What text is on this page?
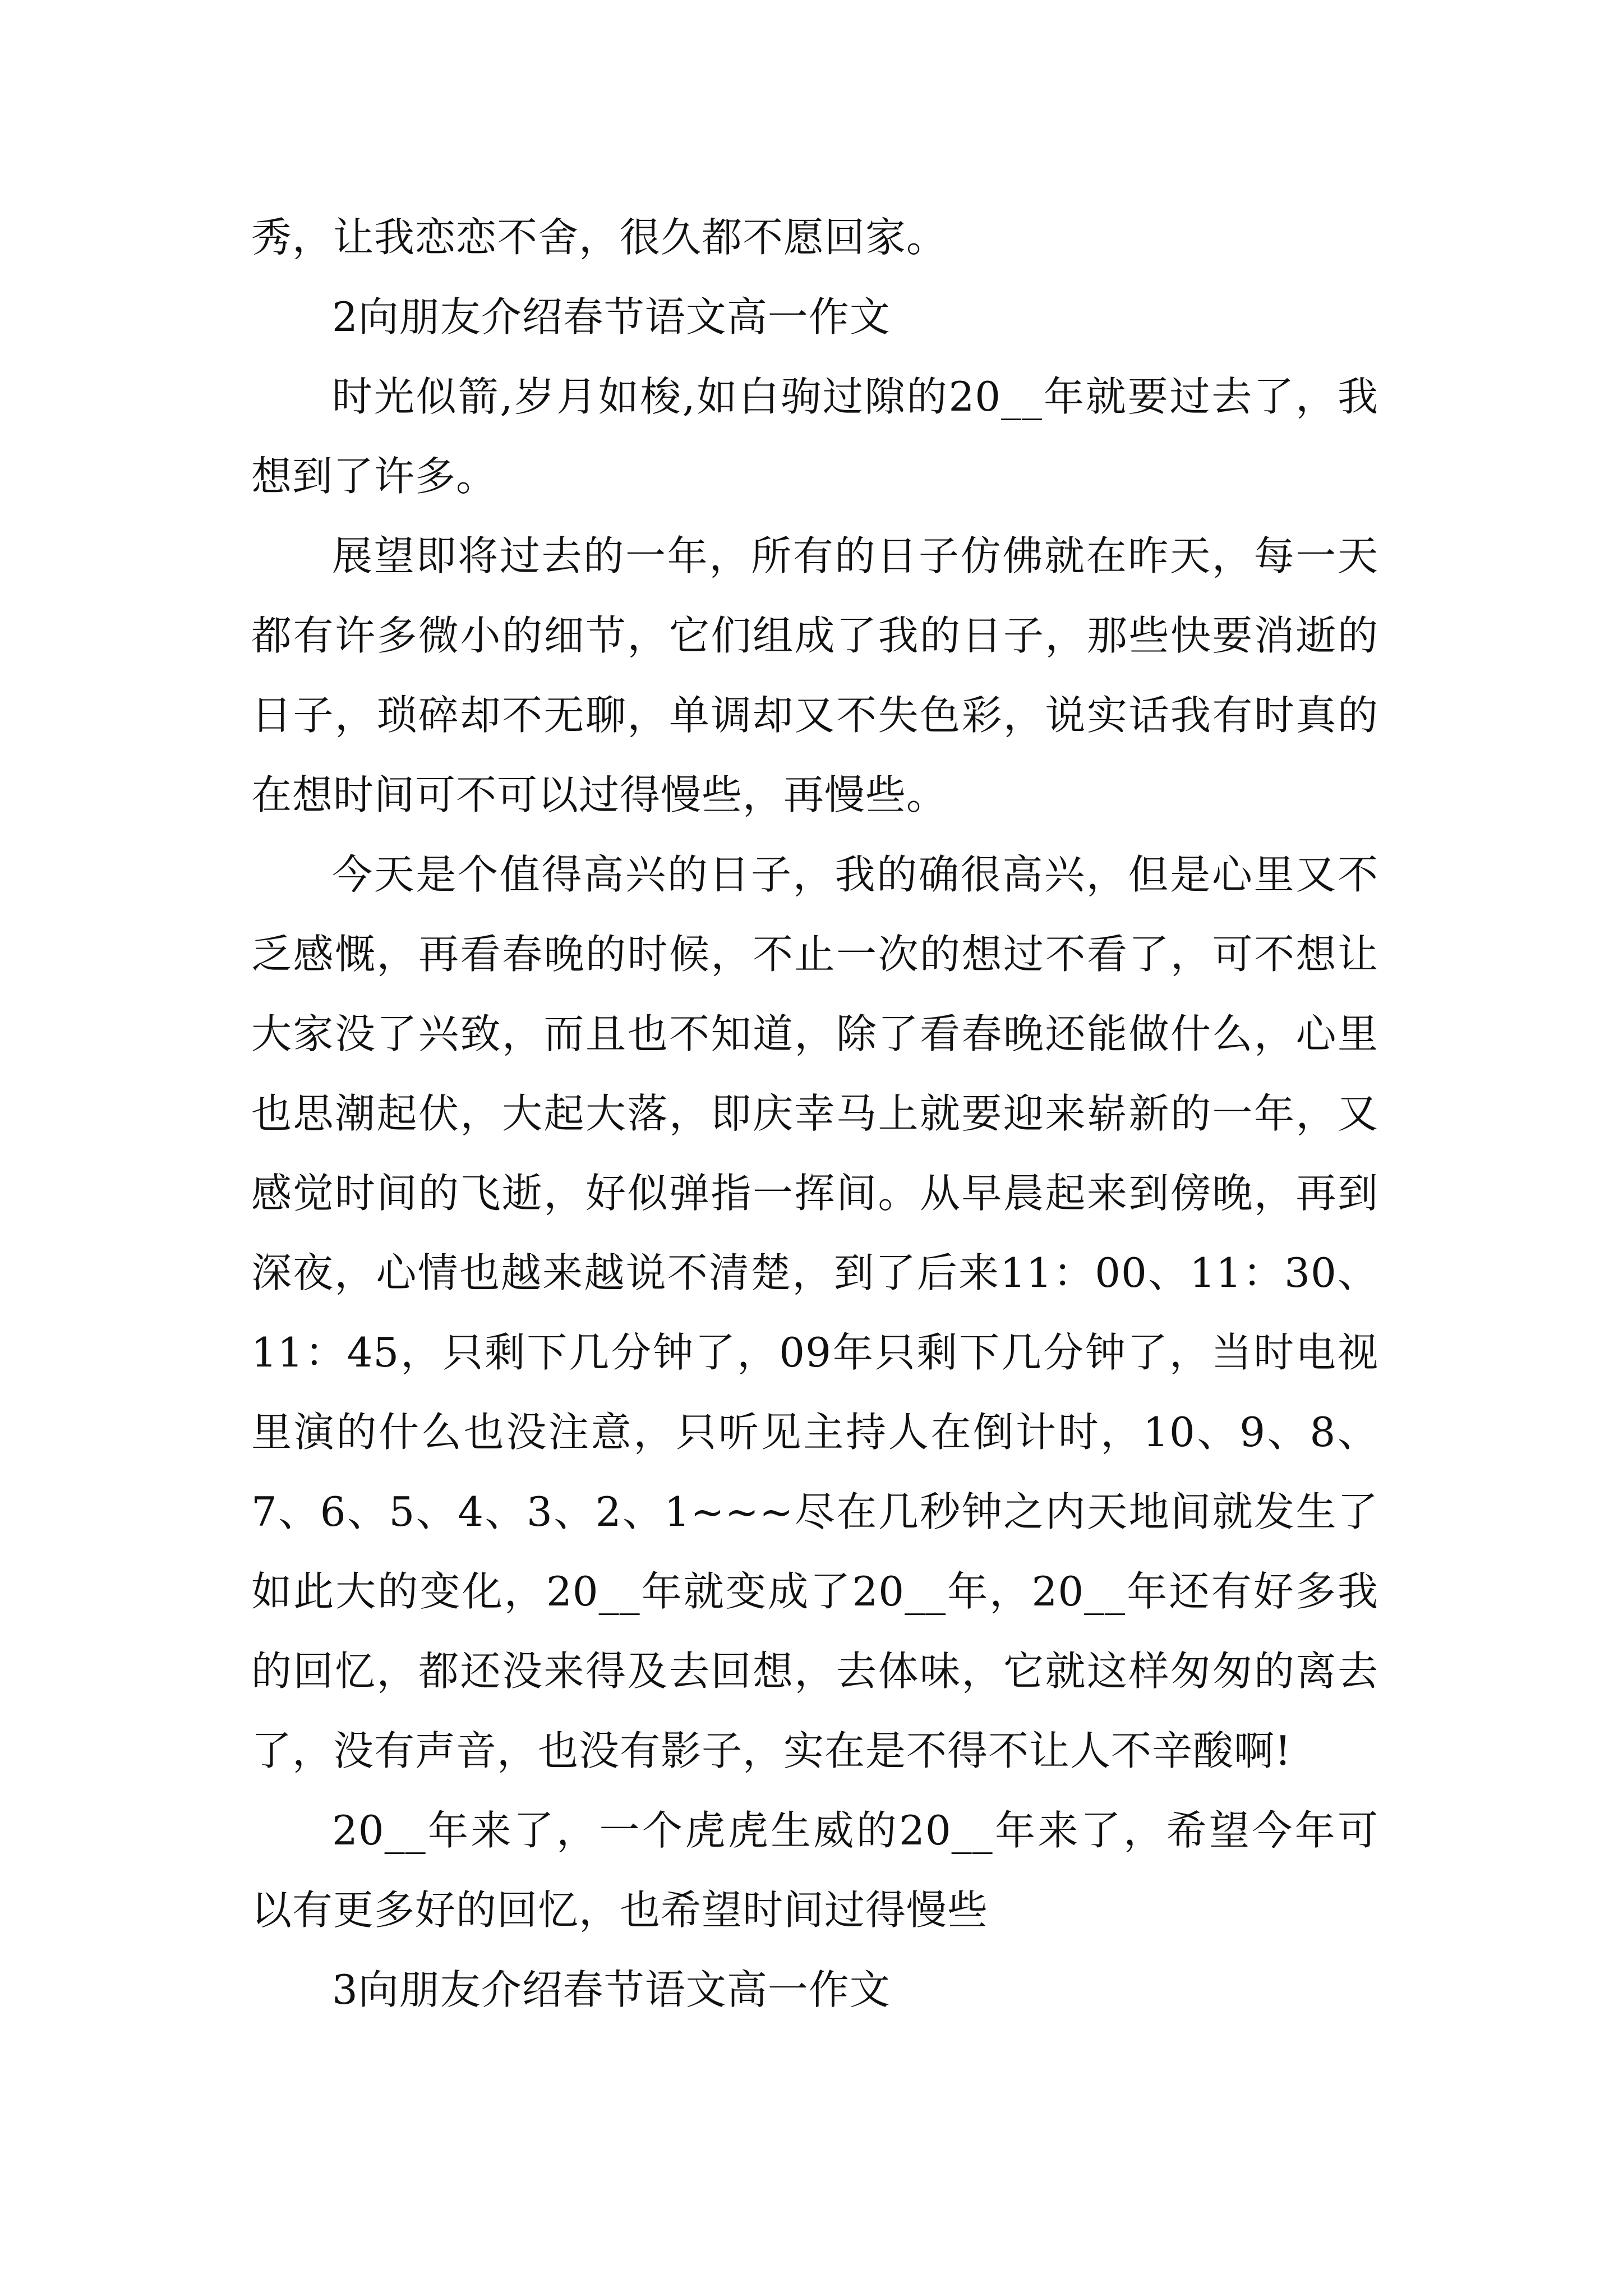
秀，让我恋恋不舍，很久都不愿回家。

2向朋友介绍春节语文高一作文

时光似箭,岁月如梭,如白驹过隙的20__年就要过去了，我想到了许多。

展望即将过去的一年，所有的日子仿佛就在昨天，每一天都有许多微小的细节，它们组成了我的日子，那些快要消逝的日子，琐碎却不无聊，单调却又不失色彩，说实话我有时真的在想时间可不可以过得慢些，再慢些。

今天是个值得高兴的日子，我的确很高兴，但是心里又不乏感慨，再看春晚的时候，不止一次的想过不看了，可不想让大家没了兴致，而且也不知道，除了看春晚还能做什么，心里也思潮起伏，大起大落，即庆幸马上就要迎来崭新的一年，又感觉时间的飞逝，好似弹指一挥间。从早晨起来到傍晚，再到深夜，心情也越来越说不清楚，到了后来11：00、11：30、11：45，只剩下几分钟了，09年只剩下几分钟了，当时电视里演的什么也没注意，只听见主持人在倒计时，10、9、8、7、6、5、4、3、2、1~~~尽在几秒钟之内天地间就发生了如此大的变化，20__年就变成了20__年，20__年还有好多我的回忆，都还没来得及去回想，去体味，它就这样匆匆的离去了，没有声音，也没有影子，实在是不得不让人不辛酸啊!

20__年来了，一个虎虎生威的20__年来了，希望今年可以有更多好的回忆，也希望时间过得慢些

3向朋友介绍春节语文高一作文
